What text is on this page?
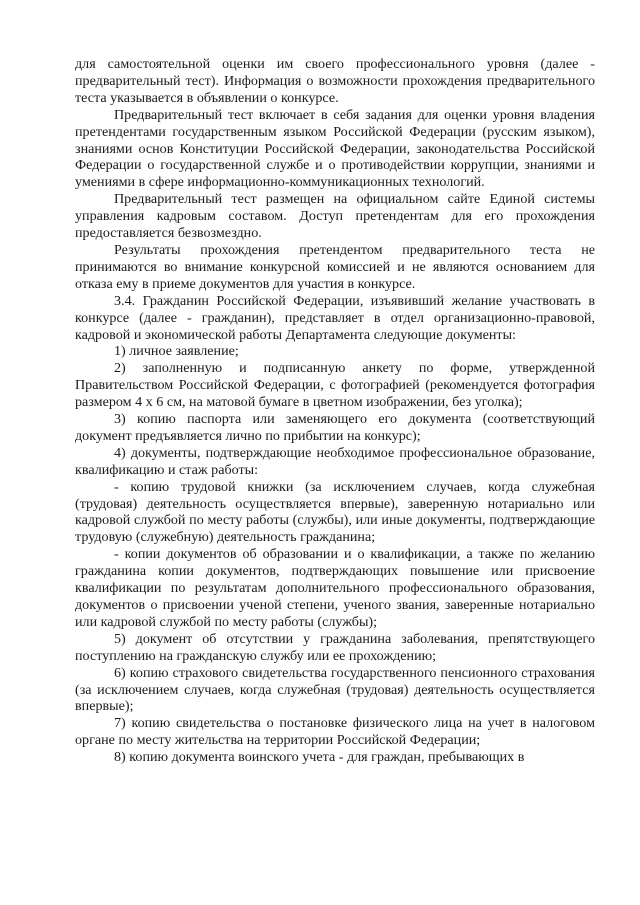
для самостоятельной оценки им своего профессионального уровня (далее - предварительный тест). Информация о возможности прохождения предварительного теста указывается в объявлении о конкурсе.

Предварительный тест включает в себя задания для оценки уровня владения претендентами государственным языком Российской Федерации (русским языком), знаниями основ Конституции Российской Федерации, законодательства Российской Федерации о государственной службе и о противодействии коррупции, знаниями и умениями в сфере информационно-коммуникационных технологий.

Предварительный тест размещен на официальном сайте Единой системы управления кадровым составом. Доступ претендентам для его прохождения предоставляется безвозмездно.

Результаты прохождения претендентом предварительного теста не принимаются во внимание конкурсной комиссией и не являются основанием для отказа ему в приеме документов для участия в конкурсе.

3.4. Гражданин Российской Федерации, изъявивший желание участвовать в конкурсе (далее - гражданин), представляет в отдел организационно-правовой, кадровой и экономической работы Департамента следующие документы:

1) личное заявление;

2) заполненную и подписанную анкету по форме, утвержденной Правительством Российской Федерации, с фотографией (рекомендуется фотография размером 4 х 6 см, на матовой бумаге в цветном изображении, без уголка);

3) копию паспорта или заменяющего его документа (соответствующий документ предъявляется лично по прибытии на конкурс);

4) документы, подтверждающие необходимое профессиональное образование, квалификацию и стаж работы:

- копию трудовой книжки (за исключением случаев, когда служебная (трудовая) деятельность осуществляется впервые), заверенную нотариально или кадровой службой по месту работы (службы), или иные документы, подтверждающие трудовую (служебную) деятельность гражданина;

- копии документов об образовании и о квалификации, а также по желанию гражданина копии документов, подтверждающих повышение или присвоение квалификации по результатам дополнительного профессионального образования, документов о присвоении ученой степени, ученого звания, заверенные нотариально или кадровой службой по месту работы (службы);

5) документ об отсутствии у гражданина заболевания, препятствующего поступлению на гражданскую службу или ее прохождению;

6) копию страхового свидетельства государственного пенсионного страхования (за исключением случаев, когда служебная (трудовая) деятельность осуществляется впервые);

7) копию свидетельства о постановке физического лица на учет в налоговом органе по месту жительства на территории Российской Федерации;

8) копию документа воинского учета - для граждан, пребывающих в
